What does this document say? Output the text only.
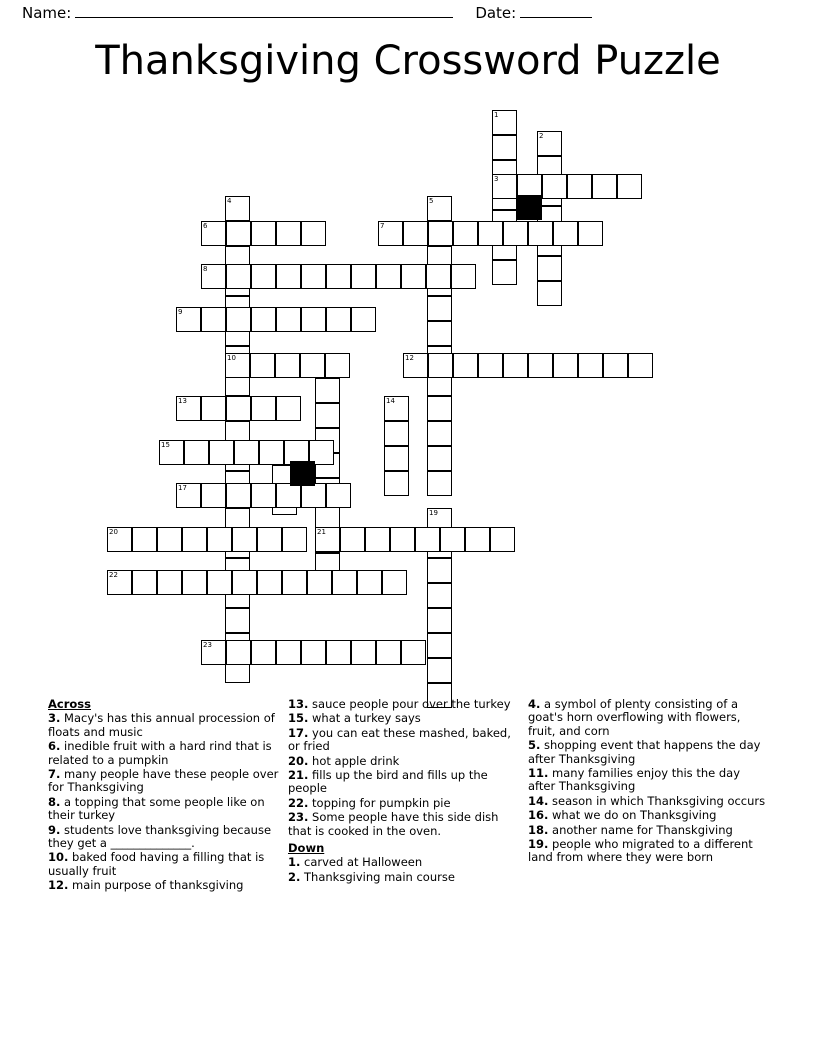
Name:	Date:
Thanksgiving Crossword Puzzle
1
2
4	5
14
19
3
6	7
8
9
10	12
13
15
17
20	21
22
23
Across
3. Macy's has this annual procession of floats and music
6. inedible fruit with a hard rind that is related to a pumpkin
7. many people have these people over for Thanksgiving
8. a topping that some people like on their turkey
9. students love thanksgiving because they get a ______________.
10. baked food having a filling that is usually fruit
12. main purpose of thanksgiving
13. sauce people pour over the turkey
15. what a turkey says
17. you can eat these mashed, baked, or fried
20. hot apple drink
21. fills up the bird and fills up the people
22. topping for pumpkin pie
23. Some people have this side dish that is cooked in the oven.
Down
1. carved at Halloween
2. Thanksgiving main course
4. a symbol of plenty consisting of a goat's horn overflowing with flowers, fruit, and corn
5. shopping event that happens the day after Thanksgiving
11. many families enjoy this the day after Thanksgiving
14. season in which Thanksgiving occurs
16. what we do on Thanksgiving
18. another name for Thanskgiving
19. people who migrated to a different land from where they were born
